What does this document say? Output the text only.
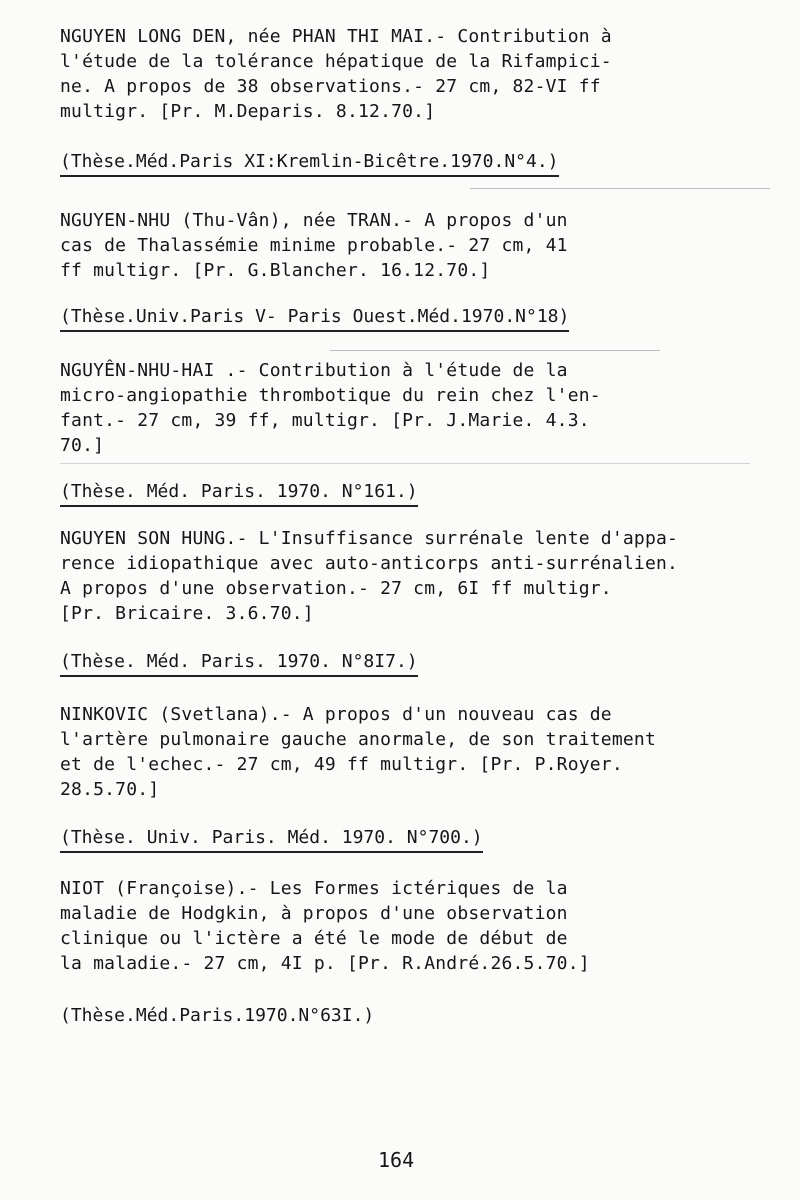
NGUYEN LONG DEN, née PHAN THI MAI.- Contribution à
l'étude de la tolérance hépatique de la Rifampici-
ne. A propos de 38 observations.- 27 cm, 82-VI ff
multigr. [Pr. M.Deparis. 8.12.70.]
(Thèse.Méd.Paris XI:Kremlin-Bicêtre.1970.N°4.)
NGUYEN-NHU (Thu-Vân), née TRAN.- A propos d'un
cas de Thalassémie minime probable.- 27 cm, 41
ff multigr. [Pr. G.Blancher. 16.12.70.]
(Thèse.Univ.Paris V- Paris Ouest.Méd.1970.N°18)
NGUYÊN-NHU-HAI .- Contribution à l'étude de la
micro-angiopathie thrombotique du rein chez l'en-
fant.- 27 cm, 39 ff, multigr. [Pr. J.Marie. 4.3.
70.]
(Thèse. Méd. Paris. 1970. N°161.)
NGUYEN SON HUNG.- L'Insuffisance surrénale lente d'appa-
rence idiopathique avec auto-anticorps anti-surrénalien.
A propos d'une observation.- 27 cm, 6I ff multigr.
[Pr. Bricaire. 3.6.70.]
(Thèse. Méd. Paris. 1970. N°8I7.)
NINKOVIC (Svetlana).- A propos d'un nouveau cas de
l'artère pulmonaire gauche anormale, de son traitement
et de l'echec.- 27 cm, 49 ff multigr. [Pr. P.Royer.
28.5.70.]
(Thèse. Univ. Paris. Méd. 1970. N°700.)
NIOT (Françoise).- Les Formes ictériques de la
maladie de Hodgkin, à propos d'une observation
clinique ou l'ictère a été le mode de début de
la maladie.- 27 cm, 4I p. [Pr. R.André.26.5.70.]
(Thèse.Méd.Paris.1970.N°63I.)
164
